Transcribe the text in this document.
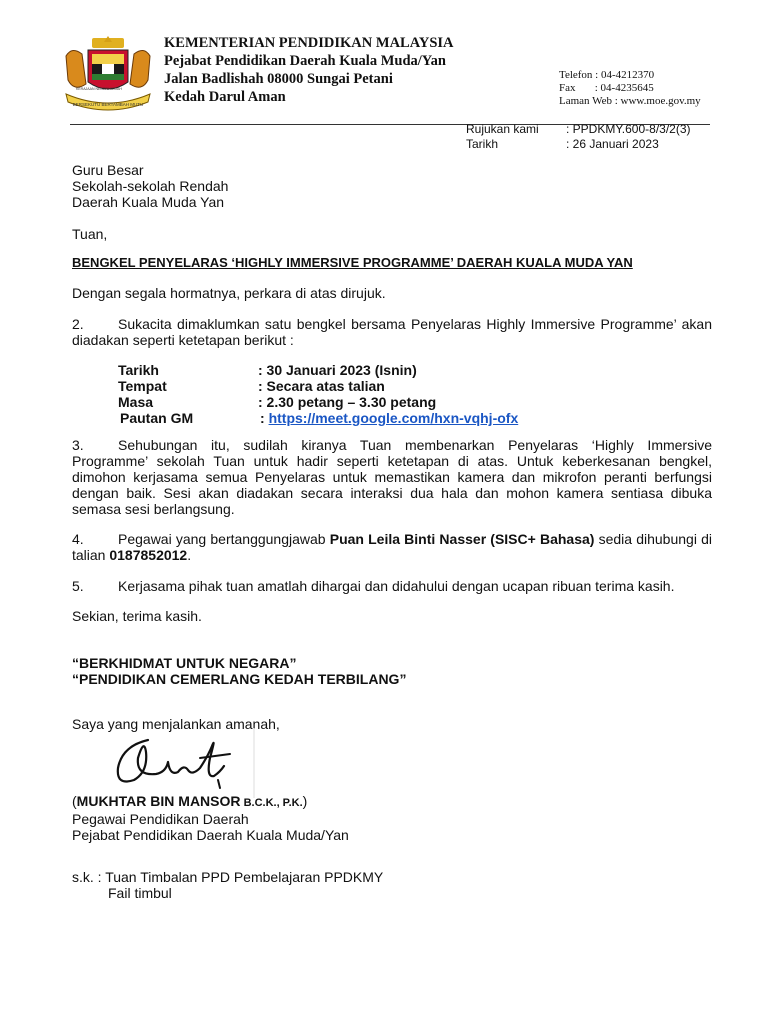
BERSEKUTU BERTAMBAH MUTU
KERAJAAN NEGERI KEDAH
KEMENTERIAN PENDIDIKAN MALAYSIA
Pejabat Pendidikan Daerah Kuala Muda/Yan
Jalan Badlishah 08000 Sungai Petani
Kedah Darul Aman
Telefon : 04-4212370
Fax       : 04-4235645
Laman Web : www.moe.gov.my
Rujukan kami	: PPDKMY.600-8/3/2(3)
Tarikh	: 26 Januari 2023
Guru Besar
Sekolah-sekolah Rendah
Daerah Kuala Muda Yan
Tuan,
BENGKEL PENYELARAS ‘HIGHLY IMMERSIVE PROGRAMME’ DAERAH KUALA MUDA YAN
Dengan segala hormatnya, perkara di atas dirujuk.
2. Sukacita dimaklumkan satu bengkel bersama Penyelaras Highly Immersive Programme’ akan diadakan seperti ketetapan berikut :
Tarikh	: 30 Januari 2023 (Isnin)
Tempat	: Secara atas talian
Masa	: 2.30 petang – 3.30 petang
Pautan GM	: https://meet.google.com/hxn-vqhj-ofx
3. Sehubungan itu, sudilah kiranya Tuan membenarkan Penyelaras ‘Highly Immersive Programme’ sekolah Tuan untuk hadir seperti ketetapan di atas. Untuk keberkesanan bengkel, dimohon kerjasama semua Penyelaras untuk memastikan kamera dan mikrofon peranti berfungsi dengan baik. Sesi akan diadakan secara interaksi dua hala dan mohon kamera sentiasa dibuka semasa sesi berlangsung.
4. Pegawai yang bertanggungjawab Puan Leila Binti Nasser (SISC+ Bahasa) sedia dihubungi di talian 0187852012.
5. Kerjasama pihak tuan amatlah dihargai dan didahului dengan ucapan ribuan terima kasih.
Sekian, terima kasih.
“BERKHIDMAT UNTUK NEGARA”
“PENDIDIKAN CEMERLANG KEDAH TERBILANG”
Saya yang menjalankan amanah,
(MUKHTAR BIN MANSOR B.C.K., P.K.)
Pegawai Pendidikan Daerah
Pejabat Pendidikan Daerah Kuala Muda/Yan
s.k. : Tuan Timbalan PPD Pembelajaran PPDKMY
Fail timbul
